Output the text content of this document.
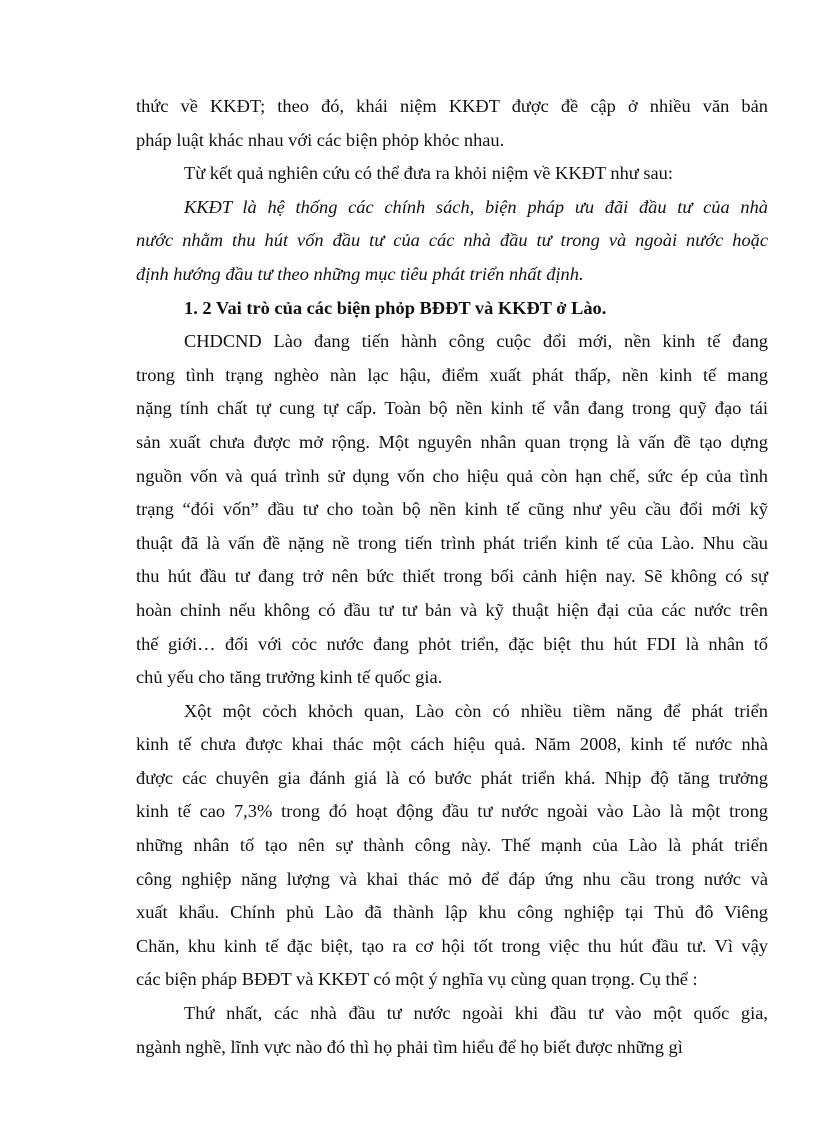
thức về KKĐT; theo đó, khái niệm KKĐT được đề cập ở nhiều văn bản
pháp luật khác nhau với các biện phỏp khỏc nhau.
Từ kết quả nghiên cứu có thể đưa ra khỏi niệm về KKĐT như sau:
KKĐT là hệ thống các chính sách, biện pháp ưu đãi đầu tư của nhà
nước nhằm thu hút vốn đầu tư của các nhà đầu tư trong và ngoài nước hoặc
định hướng đầu tư theo những mục tiêu phát triển nhất định.
1. 2 Vai trò của các biện phỏp BĐĐT và KKĐT ở Lào.
CHDCND Lào đang tiến hành công cuộc đổi mới, nền kinh tế đang
trong tình trạng nghèo nàn lạc hậu, điểm xuất phát thấp, nền kinh tế mang
nặng tính chất tự cung tự cấp. Toàn bộ nền kinh tế vẫn đang trong quỹ đạo tái
sản xuất chưa được mở rộng. Một nguyên nhân quan trọng là vấn đề tạo dựng
nguồn vốn và quá trình sử dụng vốn cho hiệu quả còn hạn chế, sức ép của tình
trạng “đói vốn” đầu tư cho toàn bộ nền kinh tế cũng như yêu cầu đổi mới kỹ
thuật đã là vấn đề nặng nề trong tiến trình phát triển kinh tế của Lào. Nhu cầu
thu hút đầu tư đang trở nên bức thiết trong bối cảnh hiện nay. Sẽ không có sự
hoàn chỉnh nếu không có đầu tư tư bản và kỹ thuật hiện đại của các nước trên
thế giới… đối với cỏc nước đang phỏt triển, đặc biệt thu hút FDI là nhân tố
chủ yếu cho tăng trưởng kinh tế quốc gia.
Xột một cỏch khỏch quan, Lào còn có nhiều tiềm năng để phát triển
kinh tế chưa được khai thác một cách hiệu quả. Năm 2008, kinh tế nước nhà
được các chuyên gia đánh giá là có bước phát triển khá. Nhịp độ tăng trưởng
kinh tế cao 7,3% trong đó hoạt động đầu tư nước ngoài vào Lào là một trong
những nhân tố tạo nên sự thành công này. Thế mạnh của Lào là phát triển
công nghiệp năng lượng và khai thác mỏ để đáp ứng nhu cầu trong nước và
xuất khẩu. Chính phủ Lào đã thành lập khu công nghiệp tại Thủ đô Viêng
Chăn, khu kinh tế đặc biệt, tạo ra cơ hội tốt trong việc thu hút đầu tư. Vì vậy
các biện pháp BĐĐT và KKĐT có một ý nghĩa vụ cùng quan trọng. Cụ thể :
Thứ nhất, các nhà đầu tư nước ngoài khi đầu tư vào một quốc gia,
ngành nghề, lĩnh vực nào đó thì họ phải tìm hiểu để họ biết được những gì
